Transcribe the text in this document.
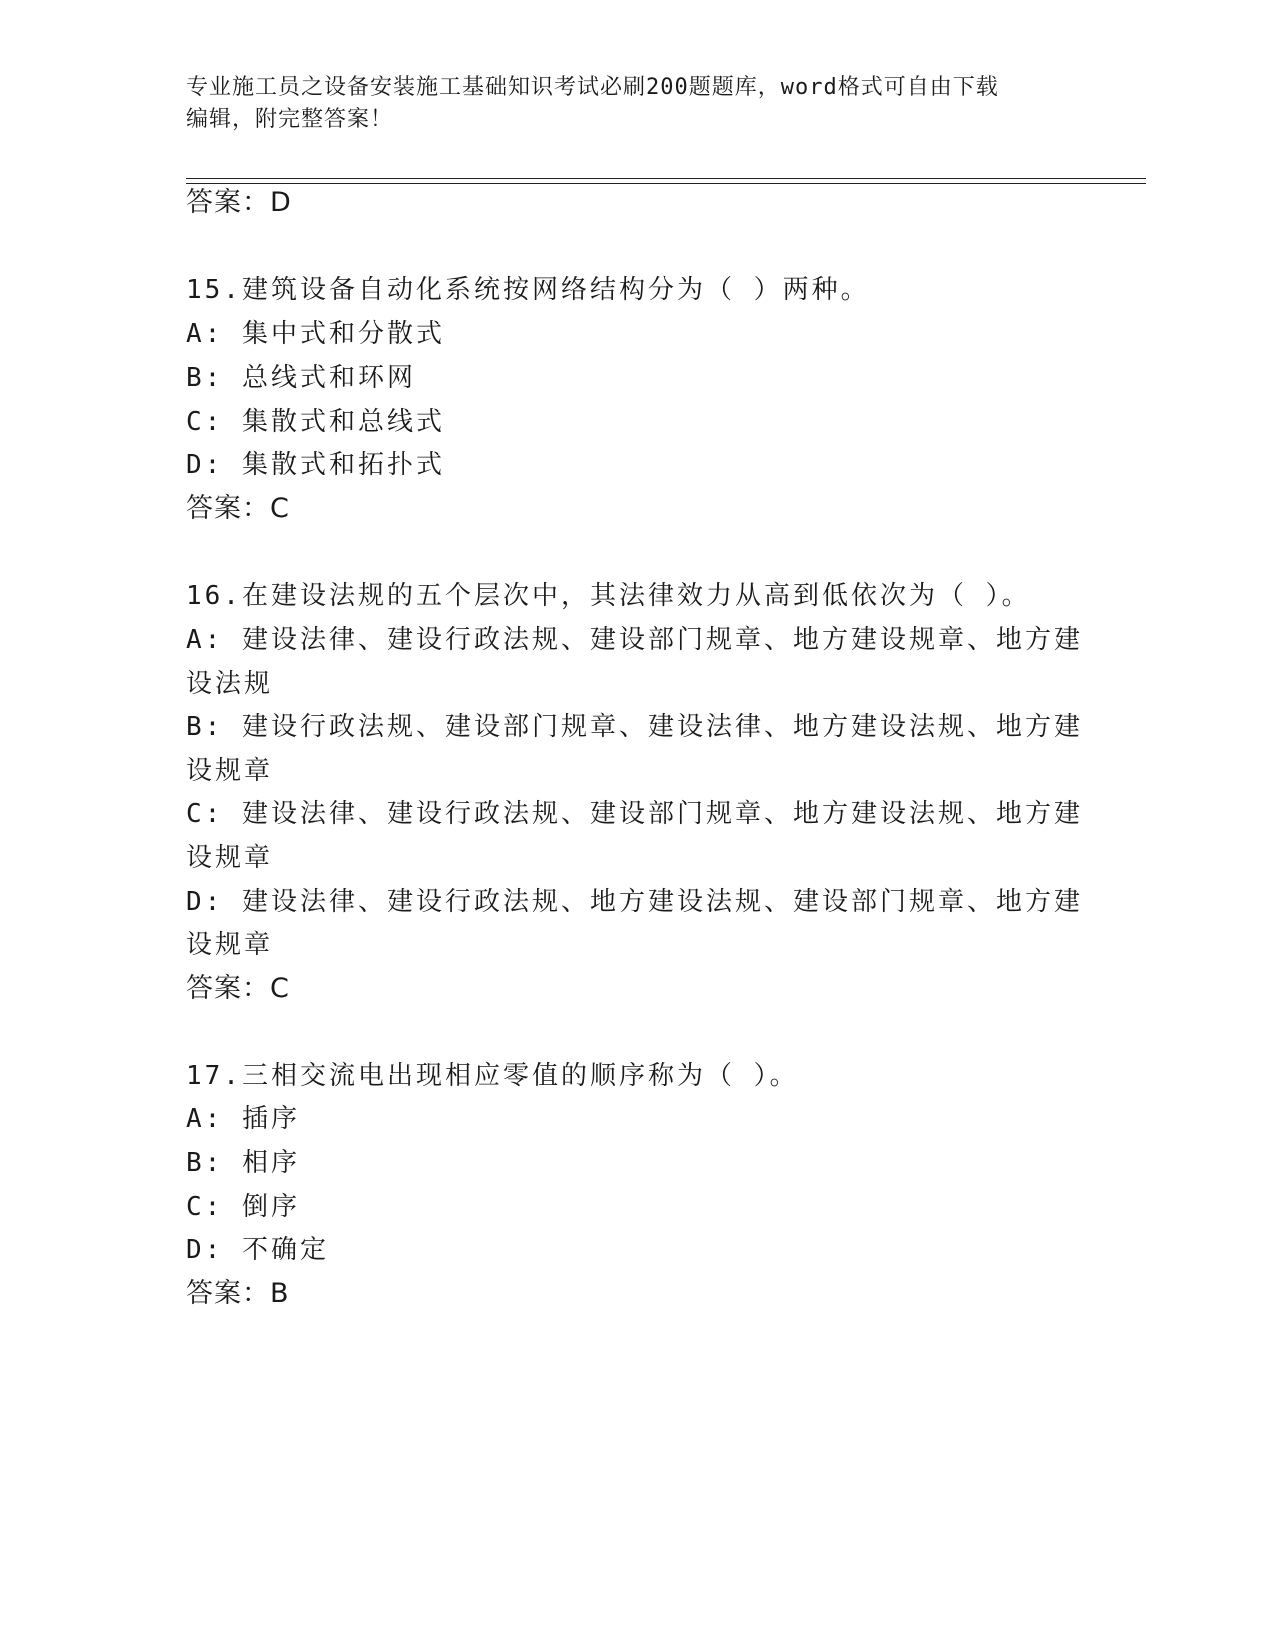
专业施工员之设备安装施工基础知识考试必刷200题题库，word格式可自由下载
编辑，附完整答案！
答案：D
15.建筑设备自动化系统按网络结构分为（ ）两种。
A: 集中式和分散式
B: 总线式和环网
C: 集散式和总线式
D: 集散式和拓扑式
答案：C
16.在建设法规的五个层次中，其法律效力从高到低依次为（ ）。
A: 建设法律、建设行政法规、建设部门规章、地方建设规章、地方建
设法规
B: 建设行政法规、建设部门规章、建设法律、地方建设法规、地方建
设规章
C: 建设法律、建设行政法规、建设部门规章、地方建设法规、地方建
设规章
D: 建设法律、建设行政法规、地方建设法规、建设部门规章、地方建
设规章
答案：C
17.三相交流电出现相应零值的顺序称为（ ）。
A: 插序
B: 相序
C: 倒序
D: 不确定
答案：B
